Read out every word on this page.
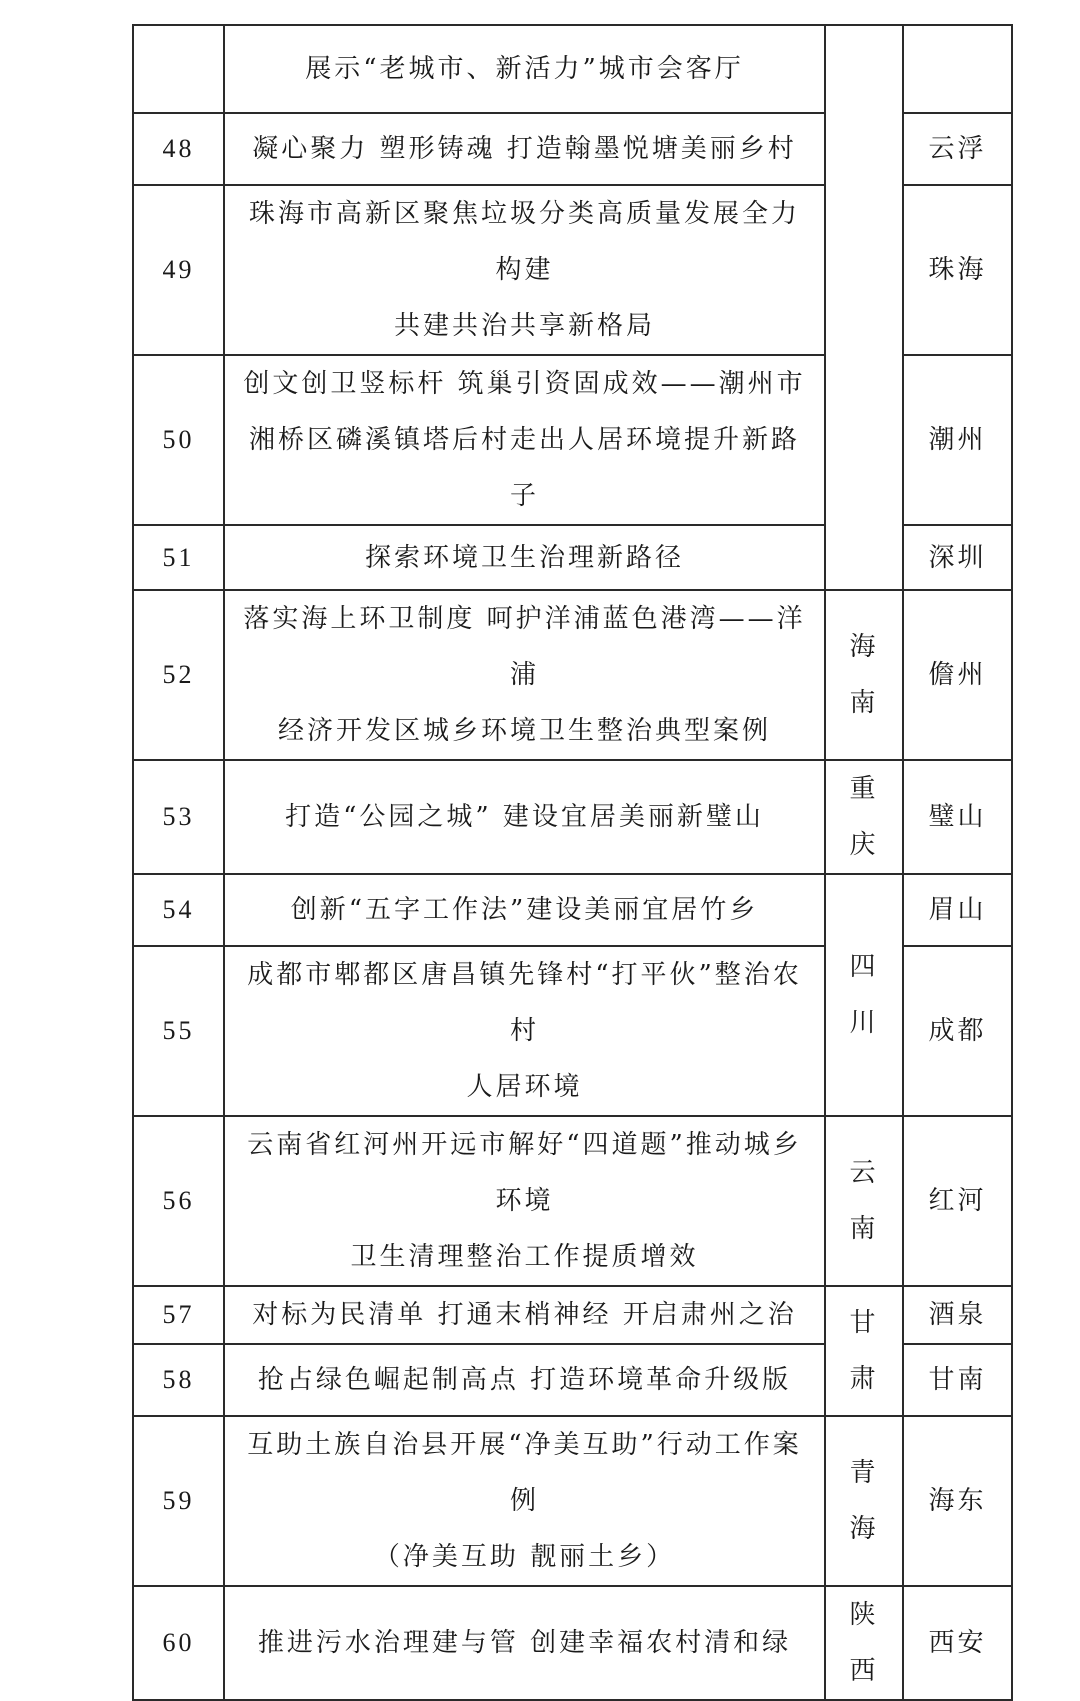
	展示“老城市、新活力”城市会客厅		

48	凝心聚力 塑形铸魂 打造翰墨悦塘美丽乡村		云浮
49	珠海市高新区聚焦垃圾分类高质量发展全力构建
共建共治共享新格局		珠海
50	创文创卫竖标杆 筑巢引资固成效——潮州市
湘桥区磷溪镇塔后村走出人居环境提升新路子		潮州
51	探索环境卫生治理新路径		深圳
52	落实海上环卫制度 呵护洋浦蓝色港湾——洋浦
经济开发区城乡环境卫生整治典型案例	海南	儋州
53	打造“公园之城” 建设宜居美丽新璧山	重庆	璧山
54	创新“五字工作法”建设美丽宜居竹乡	四川	眉山
55	成都市郫都区唐昌镇先锋村“打平伙”整治农村
人居环境		成都
56	云南省红河州开远市解好“四道题”推动城乡环境
卫生清理整治工作提质增效	云南	红河
57	对标为民清单 打通末梢神经 开启肃州之治	甘肃	酒泉
58	抢占绿色崛起制高点 打造环境革命升级版		甘南
59	互助土族自治县开展“净美互助”行动工作案例
（净美互助 靓丽土乡）	青海	海东
60	推进污水治理建与管 创建幸福农村清和绿	陕西	西安
